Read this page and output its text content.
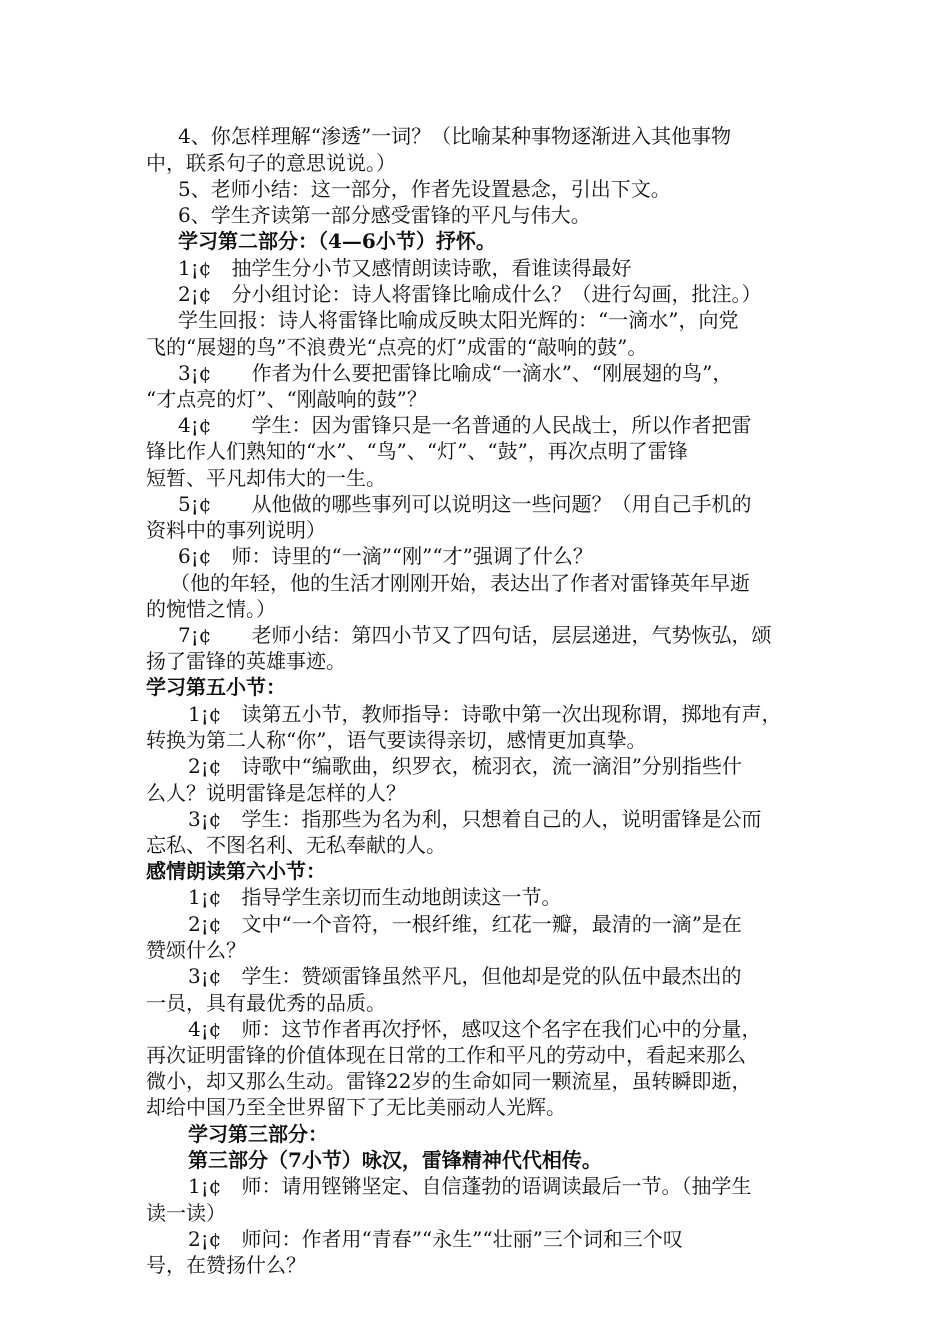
4、你怎样理解“渗透”一词？（比喻某种事物逐渐进入其他事物
中，联系句子的意思说说。）
5、老师小结：这一部分，作者先设置悬念，引出下文。
6、学生齐读第一部分感受雷锋的平凡与伟大。
学习第二部分：（4—6小节）抒怀。
1¡¢　抽学生分小节又感情朗读诗歌，看谁读得最好
2¡¢　分小组讨论：诗人将雷锋比喻成什么？（进行勾画，批注。）
学生回报：诗人将雷锋比喻成反映太阳光辉的：“一滴水”，向党
飞的“展翅的鸟”不浪费光“点亮的灯”成雷的“敲响的鼓”。
3¡¢　　作者为什么要把雷锋比喻成“一滴水”、“刚展翅的鸟”，
“才点亮的灯”、“刚敲响的鼓”？
4¡¢　　学生：因为雷锋只是一名普通的人民战士，所以作者把雷
锋比作人们熟知的“水”、“鸟”、“灯”、“鼓”，再次点明了雷锋
短暂、平凡却伟大的一生。
5¡¢　　从他做的哪些事列可以说明这一些问题？（用自己手机的
资料中的事列说明）
6¡¢　师：诗里的“一滴”“刚”“才”强调了什么？
（他的年轻，他的生活才刚刚开始，表达出了作者对雷锋英年早逝
的惋惜之情。）
7¡¢　　老师小结：第四小节又了四句话，层层递进，气势恢弘，颂
扬了雷锋的英雄事迹。
学习第五小节：
1¡¢　读第五小节，教师指导：诗歌中第一次出现称谓，掷地有声，
转换为第二人称“你”，语气要读得亲切，感情更加真挚。
2¡¢　诗歌中“编歌曲，织罗衣，梳羽衣，流一滴泪”分别指些什
么人？说明雷锋是怎样的人？
3¡¢　学生：指那些为名为利，只想着自己的人，说明雷锋是公而
忘私、不图名利、无私奉献的人。
感情朗读第六小节：
1¡¢　指导学生亲切而生动地朗读这一节。
2¡¢　文中“一个音符，一根纤维，红花一瓣，最清的一滴”是在
赞颂什么？
3¡¢　学生：赞颂雷锋虽然平凡，但他却是党的队伍中最杰出的
一员，具有最优秀的品质。
4¡¢　师：这节作者再次抒怀，感叹这个名字在我们心中的分量，
再次证明雷锋的价值体现在日常的工作和平凡的劳动中，看起来那么
微小，却又那么生动。雷锋22岁的生命如同一颗流星，虽转瞬即逝，
却给中国乃至全世界留下了无比美丽动人光辉。
学习第三部分：
第三部分（7小节）咏汉，雷锋精神代代相传。
1¡¢　师：请用铿锵坚定、自信蓬勃的语调读最后一节。（抽学生
读一读）
2¡¢　师问：作者用“青春”“永生”“壮丽”三个词和三个叹
号，在赞扬什么？
